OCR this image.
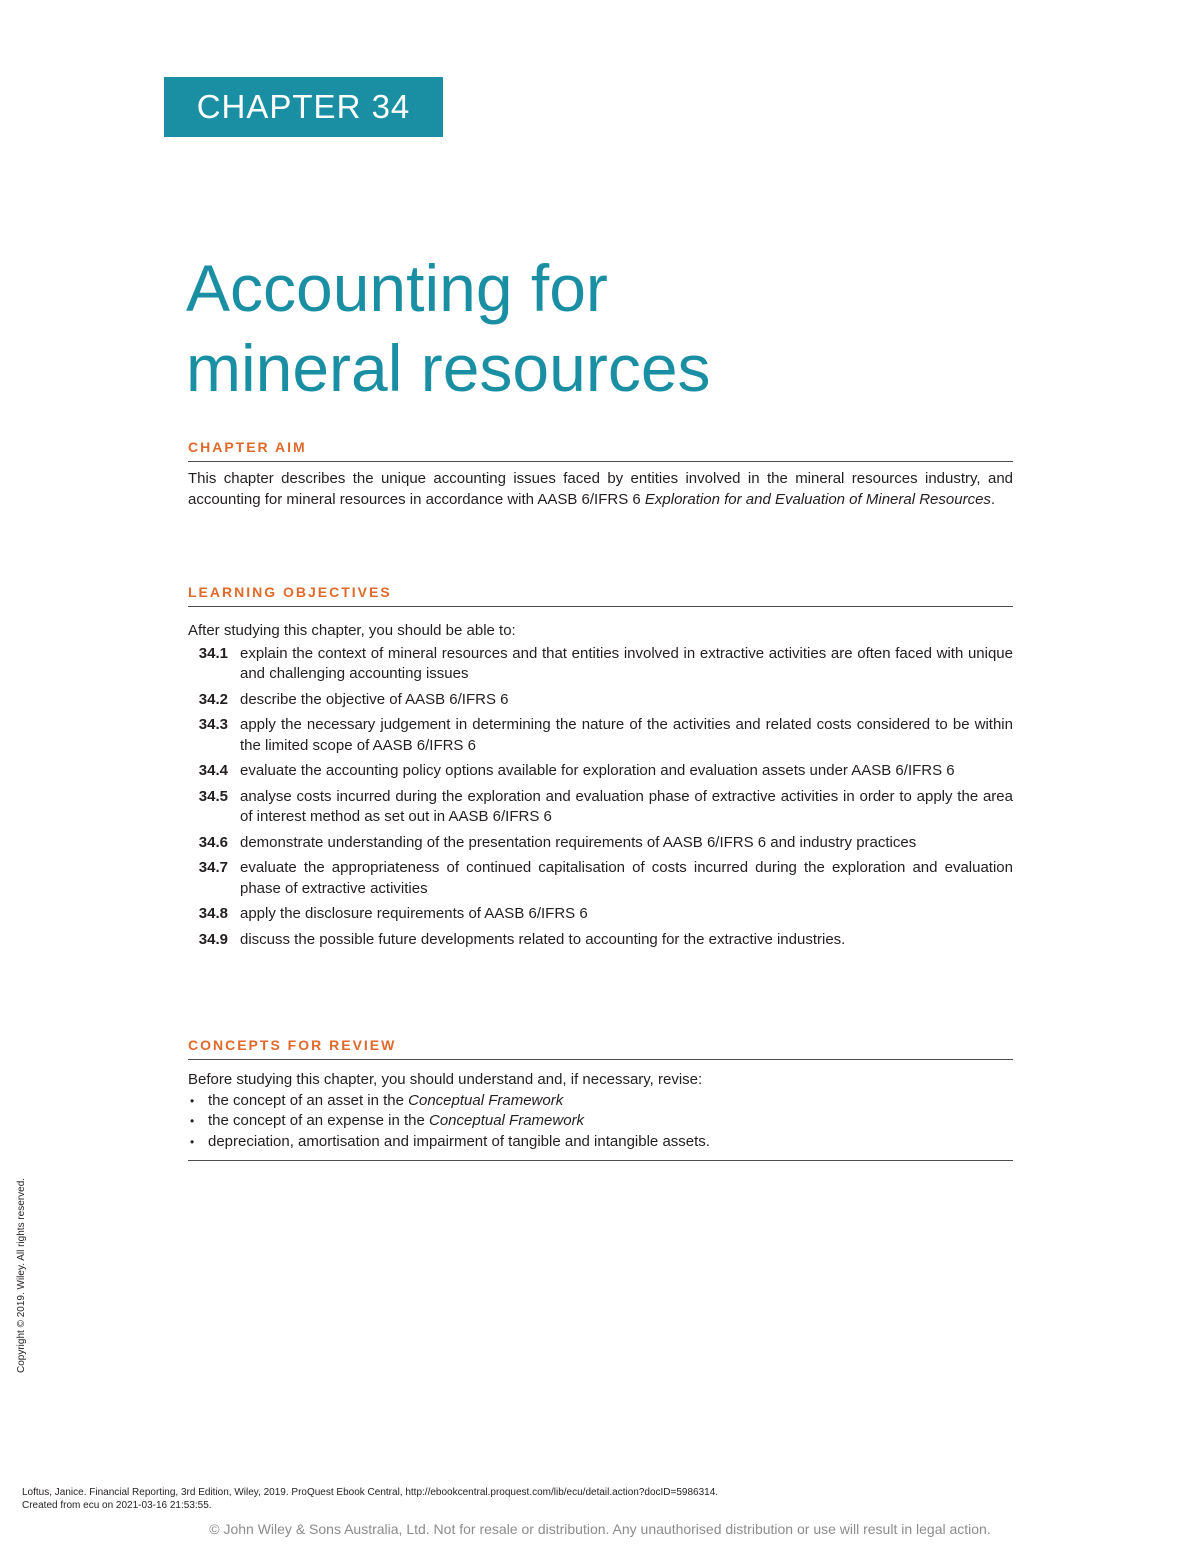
CHAPTER 34
Accounting for
mineral resources
CHAPTER AIM

This chapter describes the unique accounting issues faced by entities involved in the mineral resources industry, and accounting for mineral resources in accordance with AASB 6/IFRS 6 Exploration for and Evaluation of Mineral Resources.

LEARNING OBJECTIVES
After studying this chapter, you should be able to:
34.1 explain the context of mineral resources and that entities involved in extractive activities are often faced with unique and challenging accounting issues
34.2 describe the objective of AASB 6/IFRS 6
34.3 apply the necessary judgement in determining the nature of the activities and related costs considered to be within the limited scope of AASB 6/IFRS 6
34.4 evaluate the accounting policy options available for exploration and evaluation assets under AASB 6/IFRS 6
34.5 analyse costs incurred during the exploration and evaluation phase of extractive activities in order to apply the area of interest method as set out in AASB 6/IFRS 6
34.6 demonstrate understanding of the presentation requirements of AASB 6/IFRS 6 and industry practices
34.7 evaluate the appropriateness of continued capitalisation of costs incurred during the exploration and evaluation phase of extractive activities
34.8 apply the disclosure requirements of AASB 6/IFRS 6
34.9 discuss the possible future developments related to accounting for the extractive industries.
CONCEPTS FOR REVIEW
Before studying this chapter, you should understand and, if necessary, revise:
• the concept of an asset in the Conceptual Framework
• the concept of an expense in the Conceptual Framework
• depreciation, amortisation and impairment of tangible and intangible assets.
Copyright © 2019. Wiley. All rights reserved.
Loftus, Janice. Financial Reporting, 3rd Edition, Wiley, 2019. ProQuest Ebook Central, http://ebookcentral.proquest.com/lib/ecu/detail.action?docID=5986314.
Created from ecu on 2021-03-16 21:53:55.
© John Wiley & Sons Australia, Ltd. Not for resale or distribution. Any unauthorised distribution or use will result in legal action.
